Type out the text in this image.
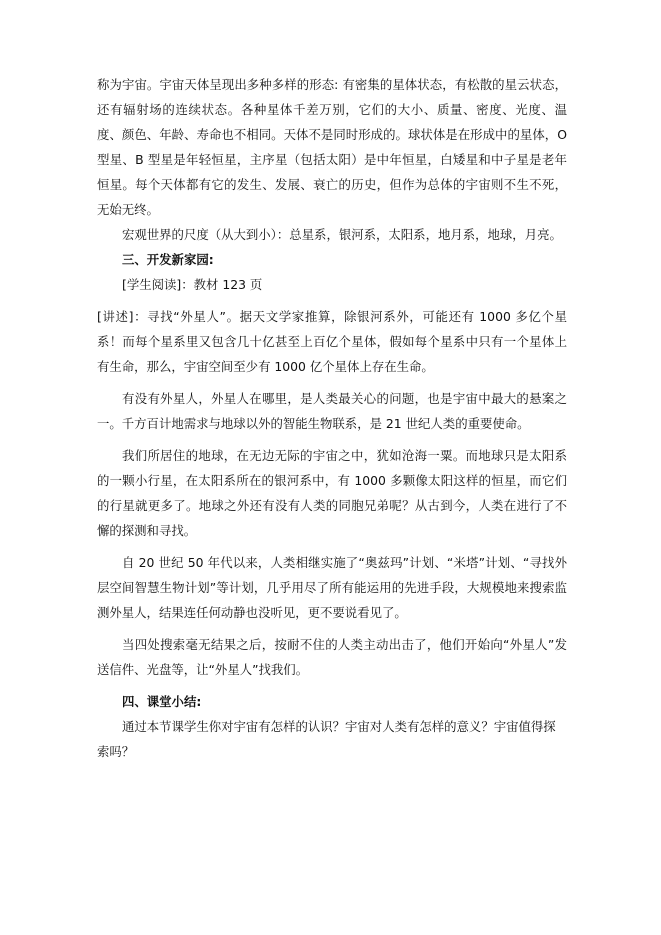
称为宇宙。宇宙天体呈现出多种多样的形态: 有密集的星体状态，有松散的星云状态，还有辐射场的连续状态。各种星体千差万别，它们的大小、质量、密度、光度、温度、颜色、年龄、寿命也不相同。天体不是同时形成的。球状体是在形成中的星体，O 型星、B 型星是年轻恒星，主序星（包括太阳）是中年恒星，白矮星和中子星是老年恒星。每个天体都有它的发生、发展、衰亡的历史，但作为总体的宇宙则不生不死，无始无终。

宏观世界的尺度（从大到小）：总星系，银河系，太阳系，地月系，地球，月亮。

三、开发新家园:

[学生阅读]：教材 123 页

[讲述]：寻找“外星人”。据天文学家推算，除银河系外，可能还有 1000 多亿个星系！而每个星系里又包含几十亿甚至上百亿个星体，假如每个星系中只有一个星体上有生命，那么，宇宙空间至少有 1000 亿个星体上存在生命。

有没有外星人，外星人在哪里，是人类最关心的问题，也是宇宙中最大的悬案之一。千方百计地需求与地球以外的智能生物联系，是 21 世纪人类的重要使命。

我们所居住的地球，在无边无际的宇宙之中，犹如沧海一粟。而地球只是太阳系的一颗小行星，在太阳系所在的银河系中，有 1000 多颗像太阳这样的恒星，而它们的行星就更多了。地球之外还有没有人类的同胞兄弟呢？从古到今，人类在进行了不懈的探测和寻找。

自 20 世纪 50 年代以来，人类相继实施了“奥兹玛”计划、“米塔”计划、“寻找外层空间智慧生物计划”等计划，几乎用尽了所有能运用的先进手段，大规模地来搜索监测外星人，结果连任何动静也没听见，更不要说看见了。

当四处搜索毫无结果之后，按耐不住的人类主动出击了，他们开始向“外星人”发送信件、光盘等，让“外星人”找我们。

四、课堂小结:

通过本节课学生你对宇宙有怎样的认识？宇宙对人类有怎样的意义？宇宙值得探索吗？
